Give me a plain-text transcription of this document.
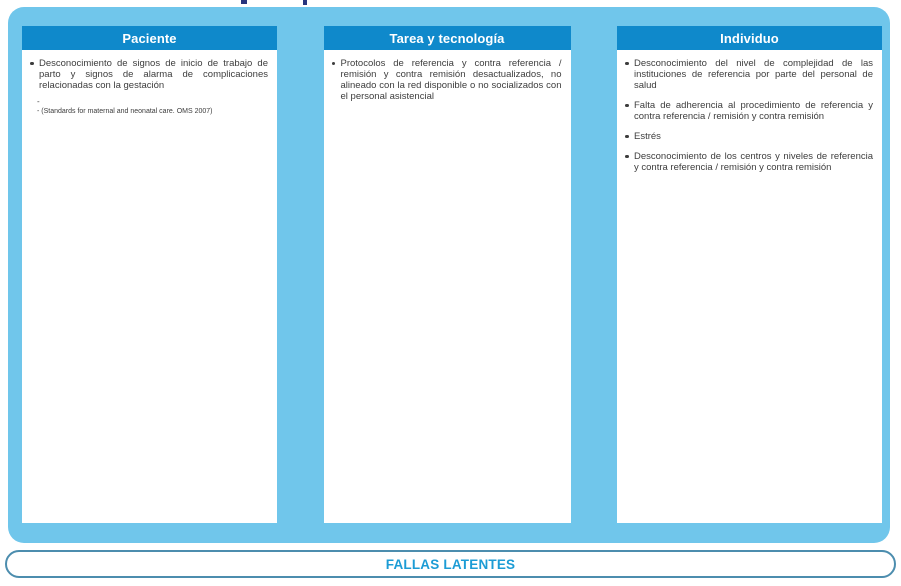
Paciente
Desconocimiento de signos de inicio de trabajo de parto y signos de alarma de complicaciones relacionadas con la gestación
-
- (Standards for maternal and neonatal care. OMS 2007)
Tarea y tecnología
Protocolos de referencia y contra referencia / remisión y contra remisión desactualizados, no alineado con la red disponible o no socializados con el personal asistencial
Individuo
Desconocimiento del nivel de complejidad de las instituciones de referencia por parte del personal de salud
Falta de adherencia al procedimiento de referencia y contra referencia / remisión y contra remisión
Estrés
Desconocimiento de los centros y niveles de referencia y contra referencia / remisión y contra remisión
FALLAS LATENTES
